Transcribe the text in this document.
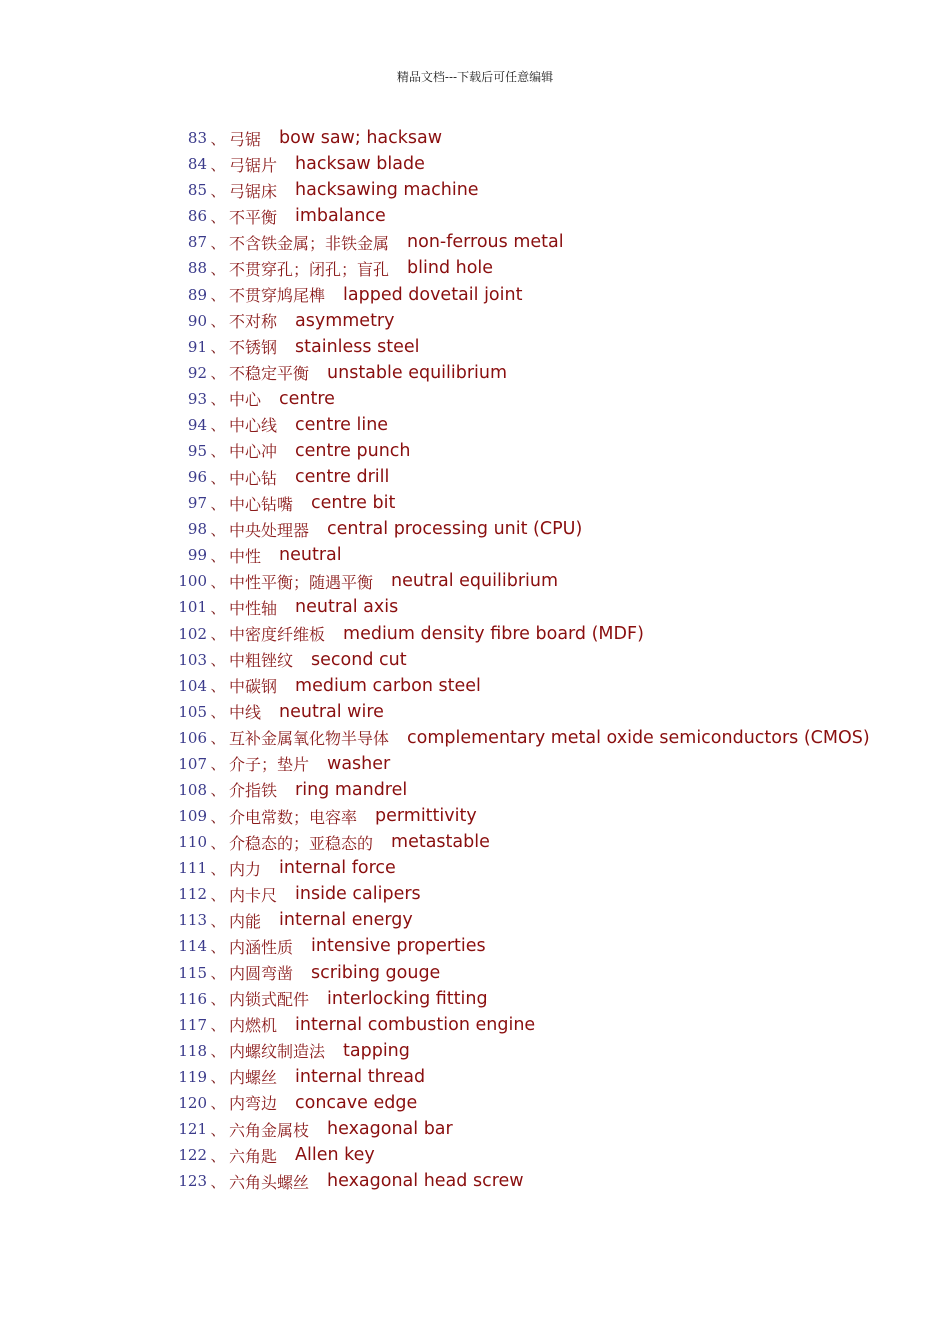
精品文档---下载后可任意编辑
83 、 弓锯 bow saw; hacksaw
84 、 弓锯片 hacksaw blade
85 、 弓锯床 hacksawing machine
86 、 不平衡 imbalance
87 、 不含铁金属；非铁金属 non-ferrous metal
88 、 不贯穿孔；闭孔；盲孔 blind hole
89 、 不贯穿鸠尾榫 lapped dovetail joint
90 、 不对称 asymmetry
91 、 不锈钢 stainless steel
92 、 不稳定平衡 unstable equilibrium
93 、 中心 centre
94 、 中心线 centre line
95 、 中心冲 centre punch
96 、 中心钻 centre drill
97 、 中心钻嘴 centre bit
98 、 中央处理器 central processing unit (CPU)
99 、 中性 neutral
100 、 中性平衡；随遇平衡 neutral equilibrium
101 、 中性轴 neutral axis
102 、 中密度纤维板 medium density fibre board (MDF)
103 、 中粗锉纹 second cut
104 、 中碳钢 medium carbon steel
105 、 中线 neutral wire
106 、 互补金属氧化物半导体 complementary metal oxide semiconductors (CMOS)
107 、 介子；垫片 washer
108 、 介指铁 ring mandrel
109 、 介电常数；电容率 permittivity
110 、 介稳态的；亚稳态的 metastable
111 、 内力 internal force
112 、 内卡尺 inside calipers
113 、 内能 internal energy
114 、 内涵性质 intensive properties
115 、 内圆弯凿 scribing gouge
116 、 内锁式配件 interlocking fitting
117 、 内燃机 internal combustion engine
118 、 内螺纹制造法 tapping
119 、 内螺丝 internal thread
120 、 内弯边 concave edge
121 、 六角金属枝 hexagonal bar
122 、 六角匙 Allen key
123 、 六角头螺丝 hexagonal head screw
